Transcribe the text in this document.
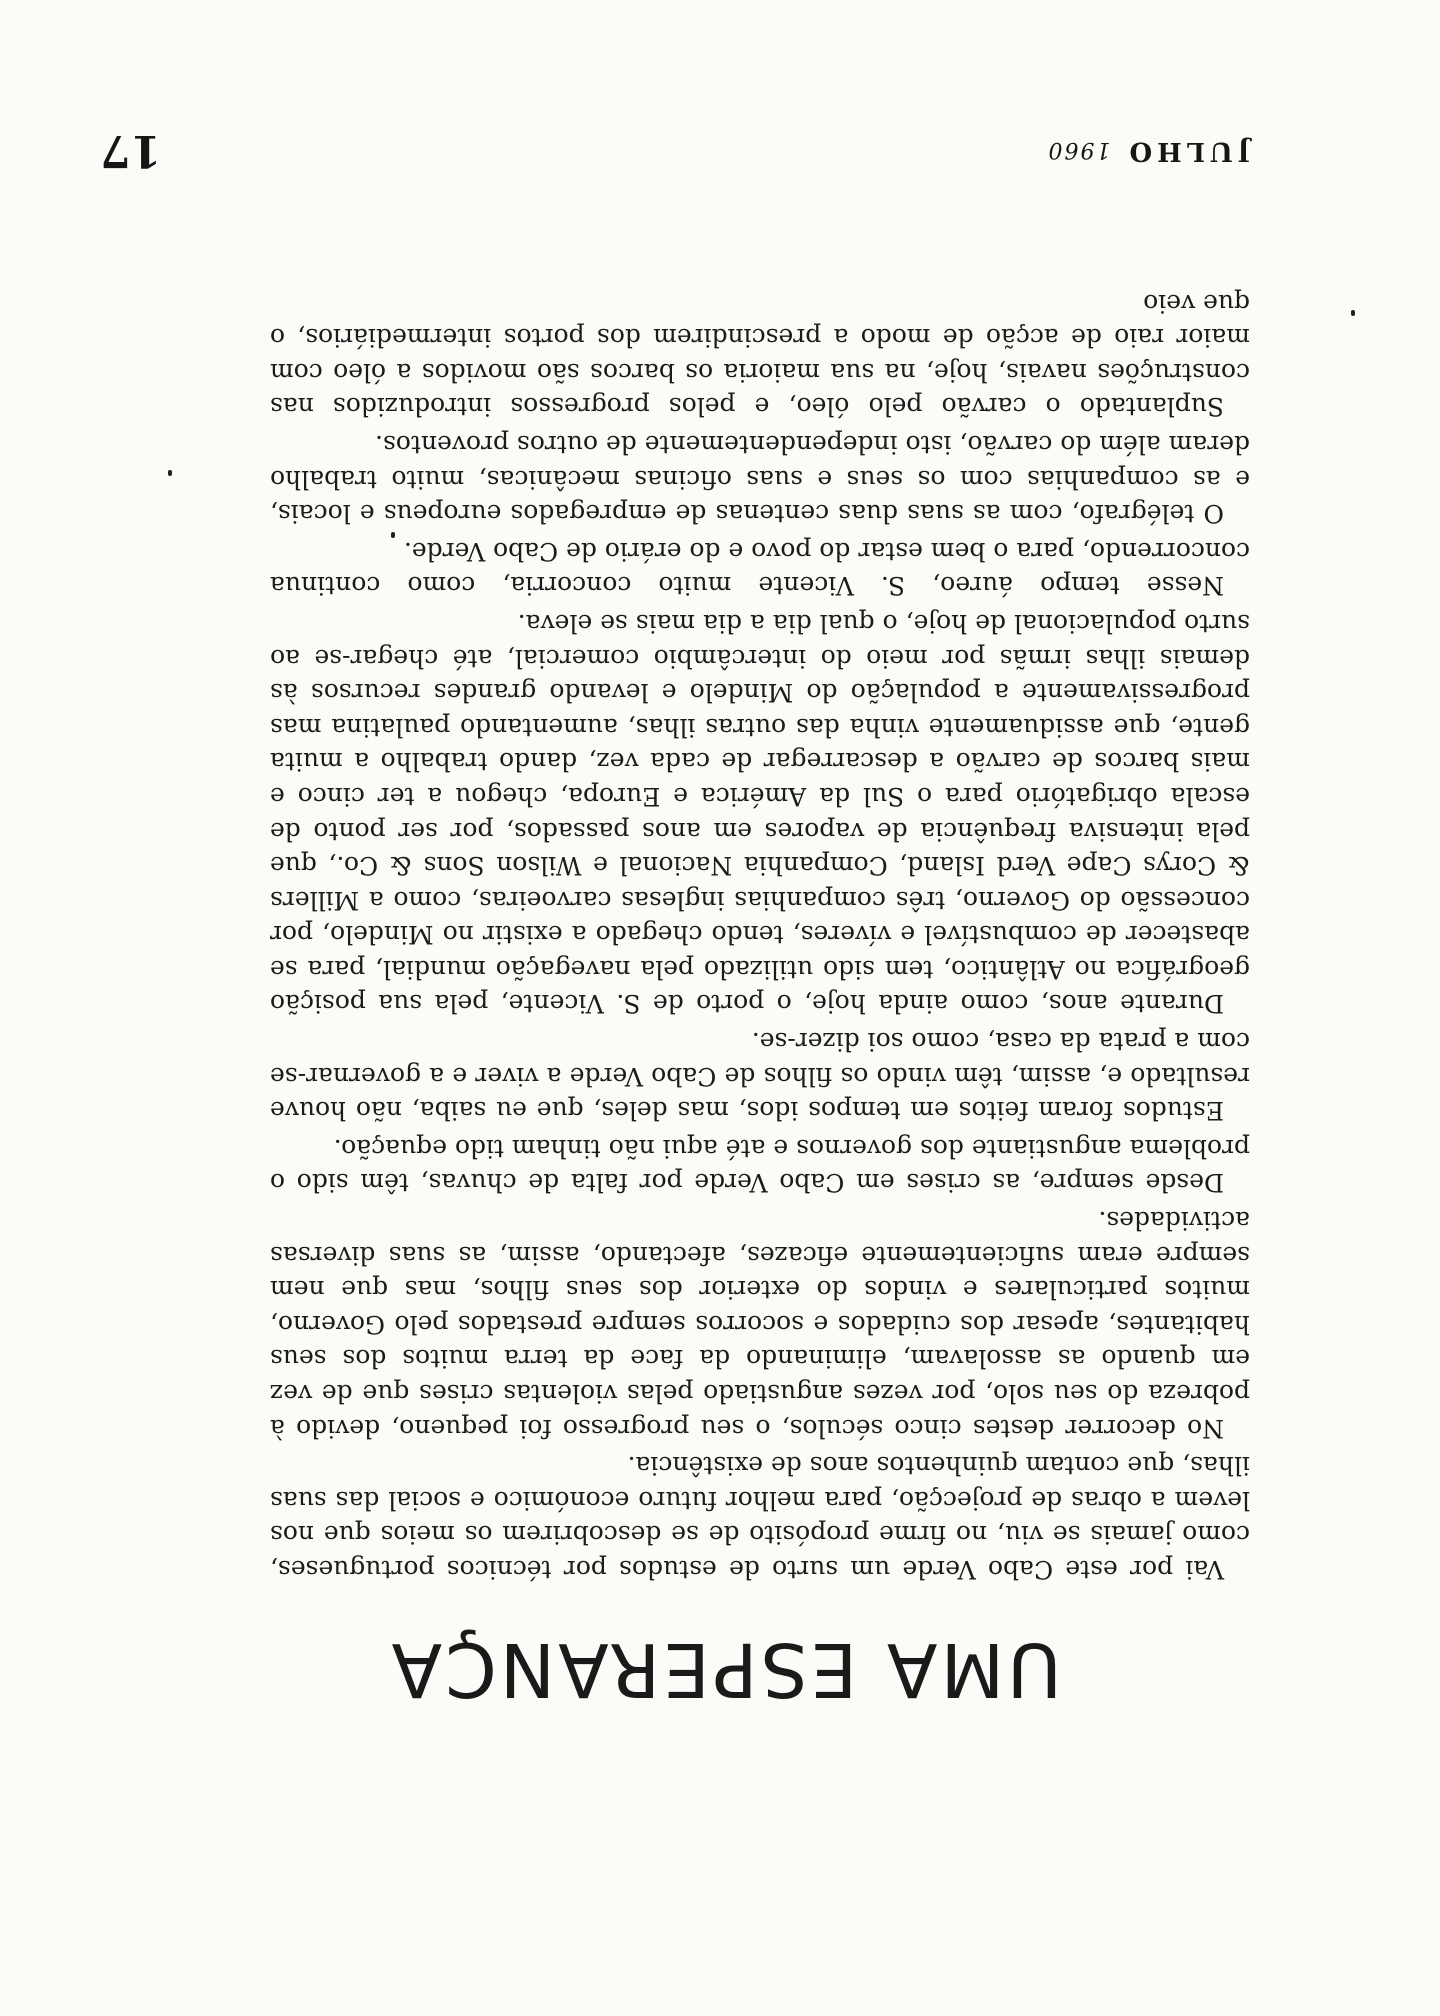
UMA ESPERANÇA

Vai por este Cabo Verde um surto de estudos por técnicos portugueses, como jamais se viu, no firme propósito de se descobrirem os meios que nos levem a obras de projecção, para melhor futuro económico e social das suas ilhas, que contam quinhentos anos de existência.

No decorrer destes cinco séculos, o seu progresso foi pequeno, devido à pobreza do seu solo, por vezes angustiado pelas violentas crises que de vez em quando as assolavam, eliminando da face da terra muitos dos seus habitantes, apesar dos cuidados e socorros sempre prestados pelo Governo, muitos particulares e vindos do exterior dos seus filhos, mas que nem sempre eram suficientemente eficazes, afectando, assim, as suas diversas actividades.

Desde sempre, as crises em Cabo Verde por falta de chuvas, têm sido o problema angustiante dos governos e até aqui não tinham tido equação.

Estudos foram feitos em tempos idos, mas deles, que eu saiba, não houve resultado e, assim, têm vindo os filhos de Cabo Verde a viver e a governar-se com a prata da casa, como soi dizer-se.

Durante anos, como ainda hoje, o porto de S. Vicente, pela sua posição geográfica no Atlântico, tem sido utilizado pela navegação mundial, para se abastecer de combustível e víveres, tendo chegado a existir no Mindelo, por concessão do Governo, três companhias inglesas carvoeiras, como a Millers & Corys Cape Verd Island, Companhia Nacional e Wilson Sons & Co., que pela intensiva frequência de vapores em anos passados, por ser ponto de escala obrigatório para o Sul da América e Europa, chegou a ter cinco e mais barcos de carvão a descarregar de cada vez, dando trabalho a muita gente, que assiduamente vinha das outras ilhas, aumentando paulatina mas progressivamente a população do Mindelo e levando grandes recursos às demais ilhas irmãs por meio do intercâmbio comercial, até chegar-se ao surto populacional de hoje, o qual dia a dia mais se eleva.

Nesse tempo áureo, S. Vicente muito concorria, como continua concorrendo, para o bem estar do povo e do erário de Cabo Verde.

O telégrafo, com as suas duas centenas de empregados europeus e locais, e as companhias com os seus e suas oficinas mecânicas, muito trabalho deram além do carvão, isto independentemente de outros proventos.

Suplantado o carvão pelo óleo, e pelos progressos introduzidos nas construções navais, hoje, na sua maioria os barcos são movidos a óleo com maior raio de acção de modo a prescindirem dos portos intermediários, o que veio

JULHO 1960
17
